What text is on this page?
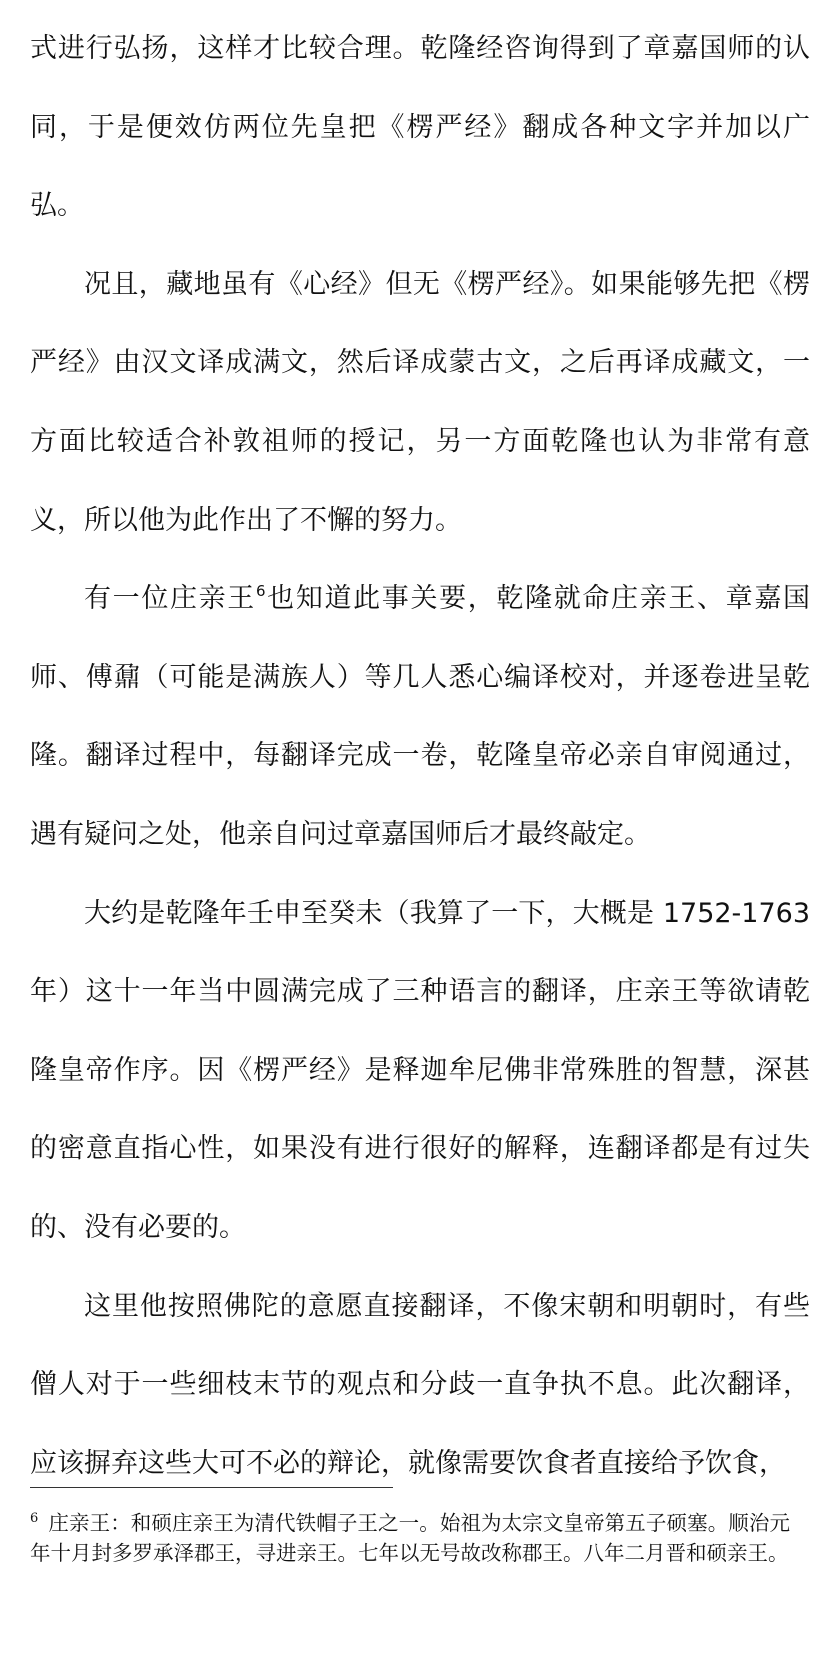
式进行弘扬，这样才比较合理。乾隆经咨询得到了章嘉国师的认同，于是便效仿两位先皇把《楞严经》翻成各种文字并加以广弘。

况且，藏地虽有《心经》但无《楞严经》。如果能够先把《楞严经》由汉文译成满文，然后译成蒙古文，之后再译成藏文，一方面比较适合补敦祖师的授记，另一方面乾隆也认为非常有意义，所以他为此作出了不懈的努力。

有一位庄亲王$^6$也知道此事关要，乾隆就命庄亲王、章嘉国师、傅鼐（可能是满族人）等几人悉心编译校对，并逐卷进呈乾隆。翻译过程中，每翻译完成一卷，乾隆皇帝必亲自审阅通过，遇有疑问之处，他亲自问过章嘉国师后才最终敲定。

大约是乾隆年壬申至癸未（我算了一下，大概是 1752-1763 年）这十一年当中圆满完成了三种语言的翻译，庄亲王等欲请乾隆皇帝作序。因《楞严经》是释迦牟尼佛非常殊胜的智慧，深甚的密意直指心性，如果没有进行很好的解释，连翻译都是有过失的、没有必要的。

这里他按照佛陀的意愿直接翻译，不像宋朝和明朝时，有些僧人对于一些细枝末节的观点和分歧一直争执不息。此次翻译，应该摒弃这些大可不必的辩论，就像需要饮食者直接给予饮食，

$^6$ 庄亲王：和硕庄亲王为清代铁帽子王之一。始祖为太宗文皇帝第五子硕塞。顺治元年十月封多罗承泽郡王，寻进亲王。七年以无号故改称郡王。八年二月晋和硕亲王。
